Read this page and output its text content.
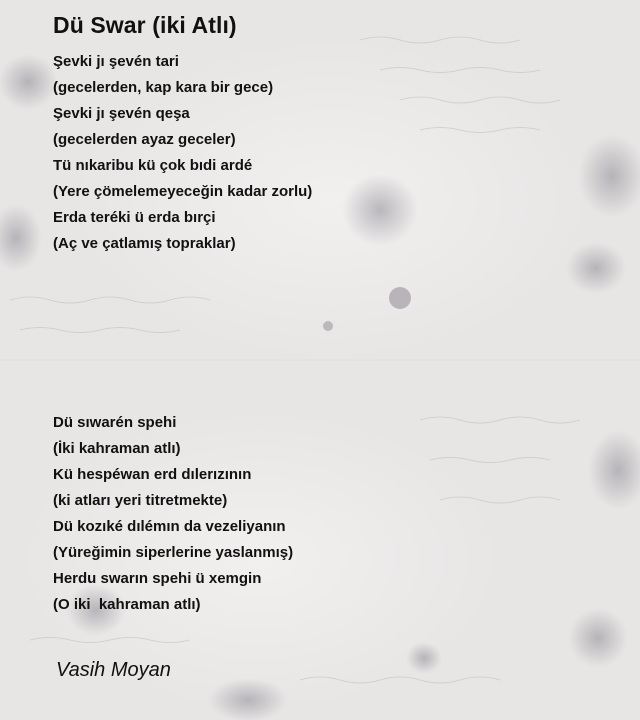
Dü Swar (iki Atlı)
Şevki jı şevén tari
(gecelerden, kap kara bir gece)
Şevki jı şevén qeşa
(gecelerden ayaz geceler)
Tü nıkaribu kü çok bıdi ardé
(Yere çömelemeyeceğin kadar zorlu)
Erda teréki ü erda bırçi
(Aç ve çatlamış topraklar)
Dü sıwarén spehi
(İki kahraman atlı)
Kü hespéwan erd dılerızının
(ki atları yeri titretmekte)
Dü kozıké dılémın da vezeliyanın
(Yüreğimin siperlerine yaslanmış)
Herdu swarın spehi ü xemgin
(O iki  kahraman atlı)
Vasih Moyan
